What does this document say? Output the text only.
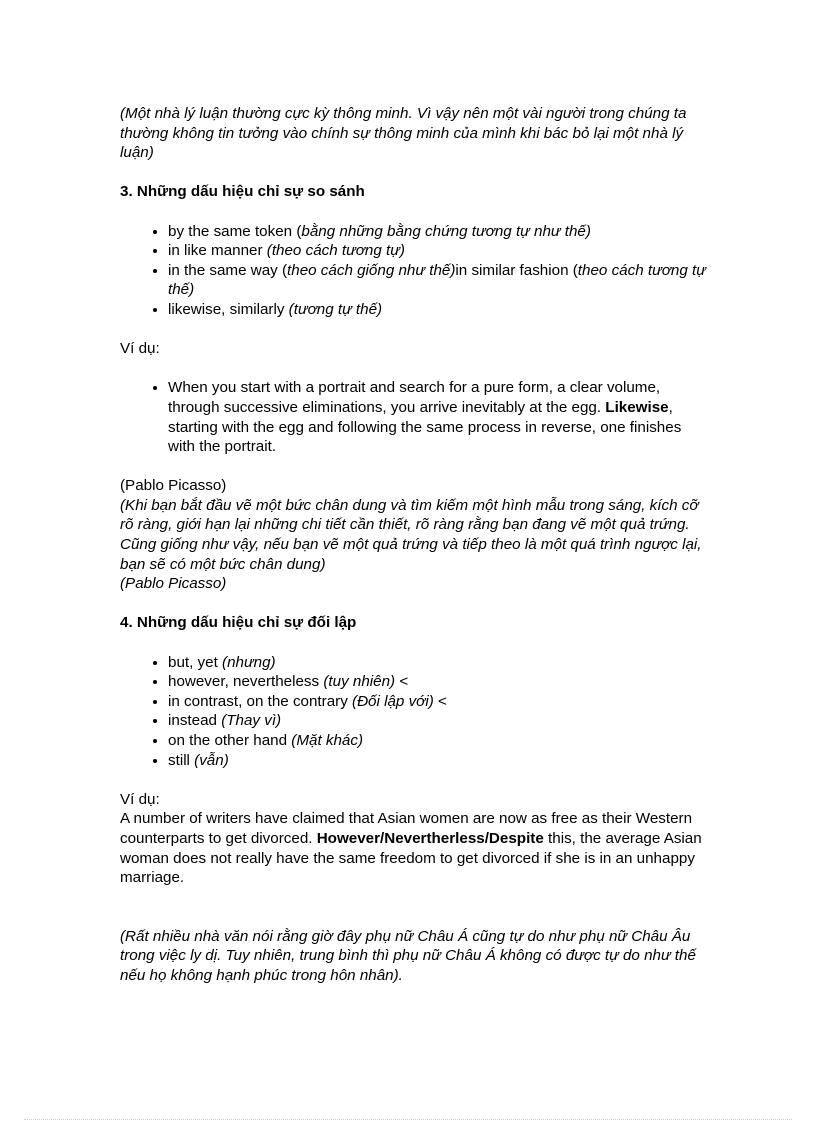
(Một nhà lý luận thường cực kỳ thông minh. Vì vậy nên một vài người trong chúng ta thường không tin tưởng vào chính sự thông minh của mình khi bác bỏ lại một nhà lý luận)

3. Những dấu hiệu chỉ sự so sánh
• by the same token (bằng những bằng chứng tương tự như thế)
• in like manner (theo cách tương tự)
• in the same way (theo cách giống như thế)in similar fashion (theo cách tương tự thế)
• likewise, similarly (tương tự thế)

Ví dụ:

• When you start with a portrait and search for a pure form, a clear volume, through successive eliminations, you arrive inevitably at the egg. Likewise, starting with the egg and following the same process in reverse, one finishes with the portrait.

(Pablo Picasso)

(Khi bạn bắt đầu vẽ một bức chân dung và tìm kiếm một hình mẫu trong sáng, kích cỡ rõ ràng, giới hạn lại những chi tiết cần thiết, rõ ràng rằng bạn đang vẽ một quả trứng. Cũng giống như vậy, nếu bạn vẽ một quả trứng và tiếp theo là một quá trình ngược lại, bạn sẽ có một bức chân dung)

(Pablo Picasso)

4. Những dấu hiệu chỉ sự đối lập
• but, yet (nhưng)
• however, nevertheless (tuy nhiên) <
• in contrast, on the contrary (Đối lập với) <
• instead (Thay vì)
• on the other hand (Mặt khác)
• still (vẫn)

Ví dụ:

A number of writers have claimed that Asian women are now as free as their Western counterparts to get divorced. However/Nevertherless/Despite this, the average Asian woman does not really have the same freedom to get divorced if she is in an unhappy marriage.

(Rất nhiều nhà văn nói rằng giờ đây phụ nữ Châu Á cũng tự do như phụ nữ Châu Âu trong việc ly dị. Tuy nhiên, trung bình thì phụ nữ Châu Á không có được tự do như thế nếu họ không hạnh phúc trong hôn nhân).
